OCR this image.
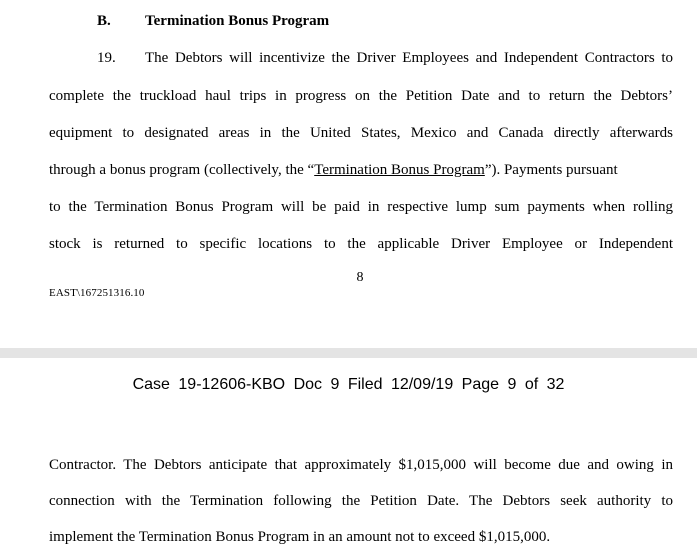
B. Termination Bonus Program
19. The Debtors will incentivize the Driver Employees and Independent Contractors to
complete the truckload haul trips in progress on the Petition Date and to return the Debtors’
equipment to designated areas in the United States, Mexico and Canada directly afterwards
through a bonus program (collectively, the “Termination Bonus Program”). Payments pursuant
to the Termination Bonus Program will be paid in respective lump sum payments when rolling
stock is returned to specific locations to the applicable Driver Employee or Independent
8
EAST\167251316.10
Case 19-12606-KBO Doc 9 Filed 12/09/19 Page 9 of 32
Contractor. The Debtors anticipate that approximately $1,015,000 will become due and owing in
connection with the Termination following the Petition Date. The Debtors seek authority to
implement the Termination Bonus Program in an amount not to exceed $1,015,000.
